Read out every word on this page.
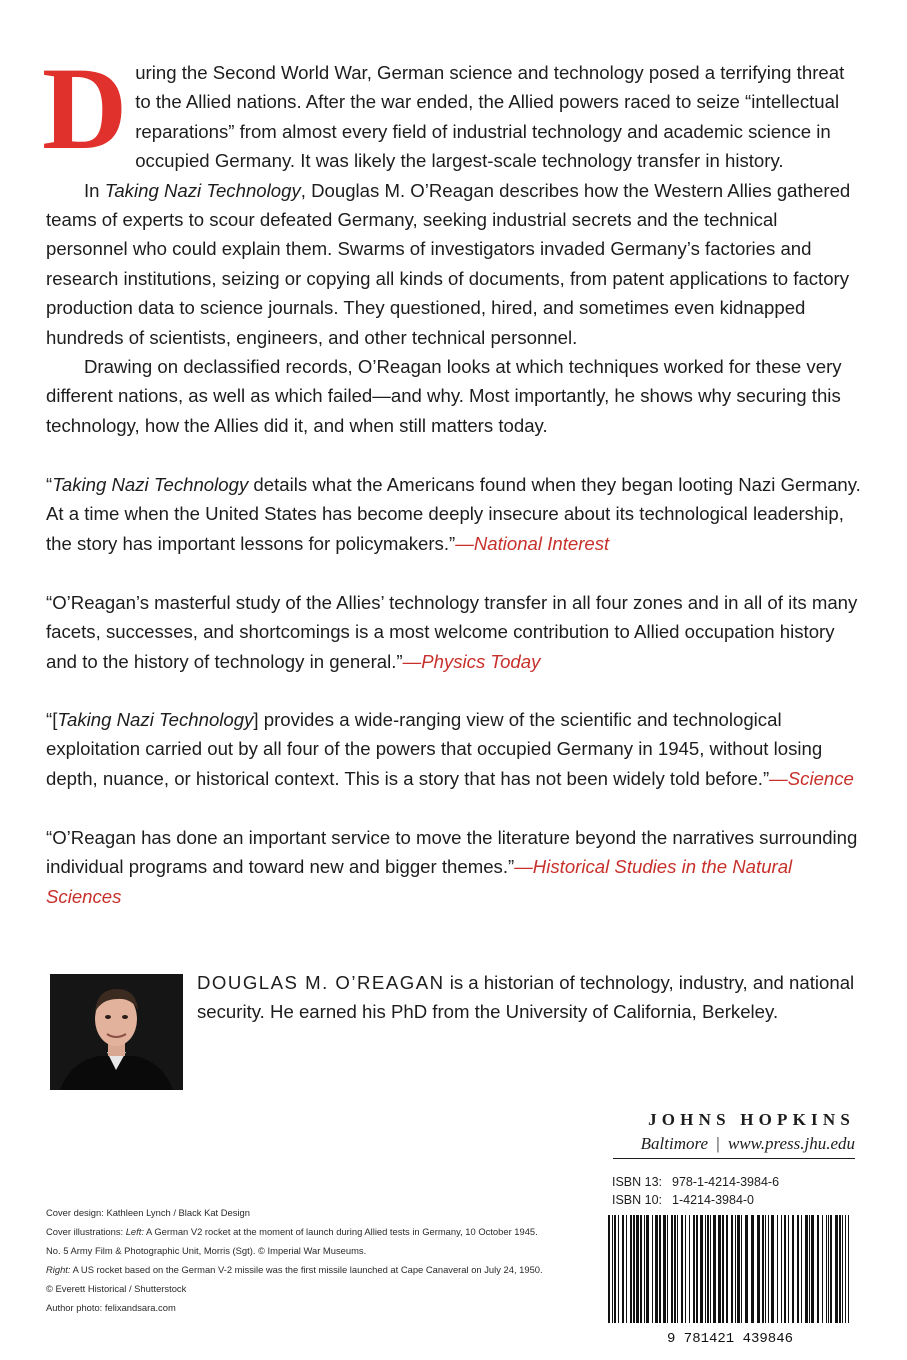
During the Second World War, German science and technology posed a terrifying threat to the Allied nations. After the war ended, the Allied powers raced to seize “intellectual reparations” from almost every field of industrial technology and academic science in occupied Germany. It was likely the largest-scale technology transfer in history.

In Taking Nazi Technology, Douglas M. O’Reagan describes how the Western Allies gathered teams of experts to scour defeated Germany, seeking industrial secrets and the technical personnel who could explain them. Swarms of investigators invaded Germany’s factories and research institutions, seizing or copying all kinds of documents, from patent applications to factory production data to science journals. They questioned, hired, and sometimes even kidnapped hundreds of scientists, engineers, and other technical personnel.

Drawing on declassified records, O’Reagan looks at which techniques worked for these very different nations, as well as which failed—and why. Most importantly, he shows why securing this technology, how the Allies did it, and when still matters today.

“Taking Nazi Technology details what the Americans found when they began looting Nazi Germany. At a time when the United States has become deeply insecure about its technological leadership, the story has important lessons for policymakers.”—National Interest

“O’Reagan’s masterful study of the Allies’ technology transfer in all four zones and in all of its many facets, successes, and shortcomings is a most welcome contribution to Allied occupation history and to the history of technology in general.”—Physics Today

“[Taking Nazi Technology] provides a wide-ranging view of the scientific and technological exploitation carried out by all four of the powers that occupied Germany in 1945, without losing depth, nuance, or historical context. This is a story that has not been widely told before.”—Science

“O’Reagan has done an important service to move the literature beyond the narratives surrounding individual programs and toward new and bigger themes.”—Historical Studies in the Natural Sciences

DOUGLAS M. O’REAGAN is a historian of technology, industry, and national security. He earned his PhD from the University of California, Berkeley.
JOHNS HOPKINS
Baltimore | www.press.jhu.edu
ISBN 13: 978-1-4214-3984-6
ISBN 10: 1-4214-3984-0
9 781421 439846
Cover design: Kathleen Lynch / Black Kat Design
Cover illustrations: Left: A German V2 rocket at the moment of launch during Allied tests in Germany, 10 October 1945.
No. 5 Army Film & Photographic Unit, Morris (Sgt). © Imperial War Museums.
Right: A US rocket based on the German V-2 missile was the first missile launched at Cape Canaveral on July 24, 1950.
© Everett Historical / Shutterstock
Author photo: felixandsara.com
